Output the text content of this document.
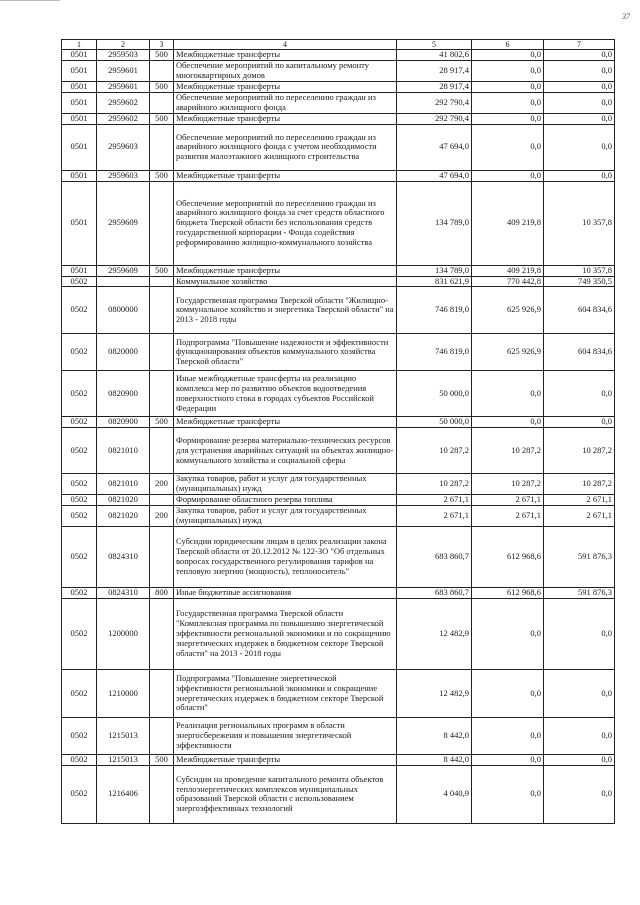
37
1	2	3	4	5	6	7
0501	2959503	500	Межбюджетные трансферты	41 802,6	0,0	0,0
0501	2959601		Обеспечение мероприятий по капитальному ремонту многоквартирных домов	28 917,4	0,0	0,0
0501	2959601	500	Межбюджетные трансферты	28 917,4	0,0	0,0
0501	2959602		Обеспечение мероприятий по переселению граждан из аварийного жилищного фонда	292 790,4	0,0	0,0
0501	2959602	500	Межбюджетные трансферты	292 790,4	0,0	0,0
0501	2959603		Обеспечение мероприятий по переселению граждан из аварийного жилищного фонда с учетом необходимости развития малоэтажного жилищного строительства	47 694,0	0,0	0,0
0501	2959603	500	Межбюджетные трансферты	47 694,0	0,0	0,0
0501	2959609		Обеспечение мероприятий по переселению граждан из аварийного жилищного фонда за счет средств областного бюджета Тверской области без использования средств государственной корпорации - Фонда содействия реформированию жилищно-коммунального хозяйства	134 789,0	409 219,8	10 357,8
0501	2959609	500	Межбюджетные трансферты	134 789,0	409 219,8	10 357,8
0502			Коммунальное хозяйство	831 621,9	770 442,8	749 350,5
0502	0800000		Государственная программа Тверской области "Жилищно-коммунальное хозяйство и энергетика Тверской области" на 2013 - 2018 годы	746 819,0	625 926,9	604 834,6
0502	0820000		Подпрограмма "Повышение надежности и эффективности функционирования объектов коммунального хозяйства Тверской области"	746 819,0	625 926,9	604 834,6
0502	0820900		Иные межбюджетные трансферты на реализацию комплекса мер по развитию объектов водоотведения поверхностного стока в городах субъектов Российской Федерации	50 000,0	0,0	0,0
0502	0820900	500	Межбюджетные трансферты	50 000,0	0,0	0,0
0502	0821010		Формирование резерва материально-технических ресурсов для устранения аварийных ситуаций на объектах жилищно-коммунального хозяйства и социальной сферы	10 287,2	10 287,2	10 287,2
0502	0821010	200	Закупка товаров, работ и услуг для государственных (муниципальных) нужд	10 287,2	10 287,2	10 287,2
0502	0821020		Формирование областного резерва топлива	2 671,1	2 671,1	2 671,1
0502	0821020	200	Закупка товаров, работ и услуг для государственных (муниципальных) нужд	2 671,1	2 671,1	2 671,1
0502	0824310		Субсидии юридическим лицам в целях реализации закона Тверской области от 20.12.2012 № 122-ЗО "Об отдельных вопросах государственного регулирования тарифов на тепловую энергию (мощность), теплоноситель"	683 860,7	612 968,6	591 876,3
0502	0824310	800	Иные бюджетные ассигнования	683 860,7	612 968,6	591 876,3
0502	1200000		Государственная программа Тверской области "Комплексная программа по повышению энергетической эффективности региональной экономики и по сокращению энергетических издержек в бюджетном секторе Тверской области" на 2013 - 2018 годы	12 482,9	0,0	0,0
0502	1210000		Подпрограмма "Повышение энергетической эффективности региональной экономики и сокращение энергетических издержек в бюджетном секторе Тверской области"	12 482,9	0,0	0,0
0502	1215013		Реализация региональных программ в области энергосбережения и повышения энергетической эффективности	8 442,0	0,0	0,0
0502	1215013	500	Межбюджетные трансферты	8 442,0	0,0	0,0
0502	1216406		Субсидии на проведение капитального ремонта объектов теплоэнергетических комплексов муниципальных образований Тверской области с использованием энергоэффективных технологий	4 040,9	0,0	0,0
